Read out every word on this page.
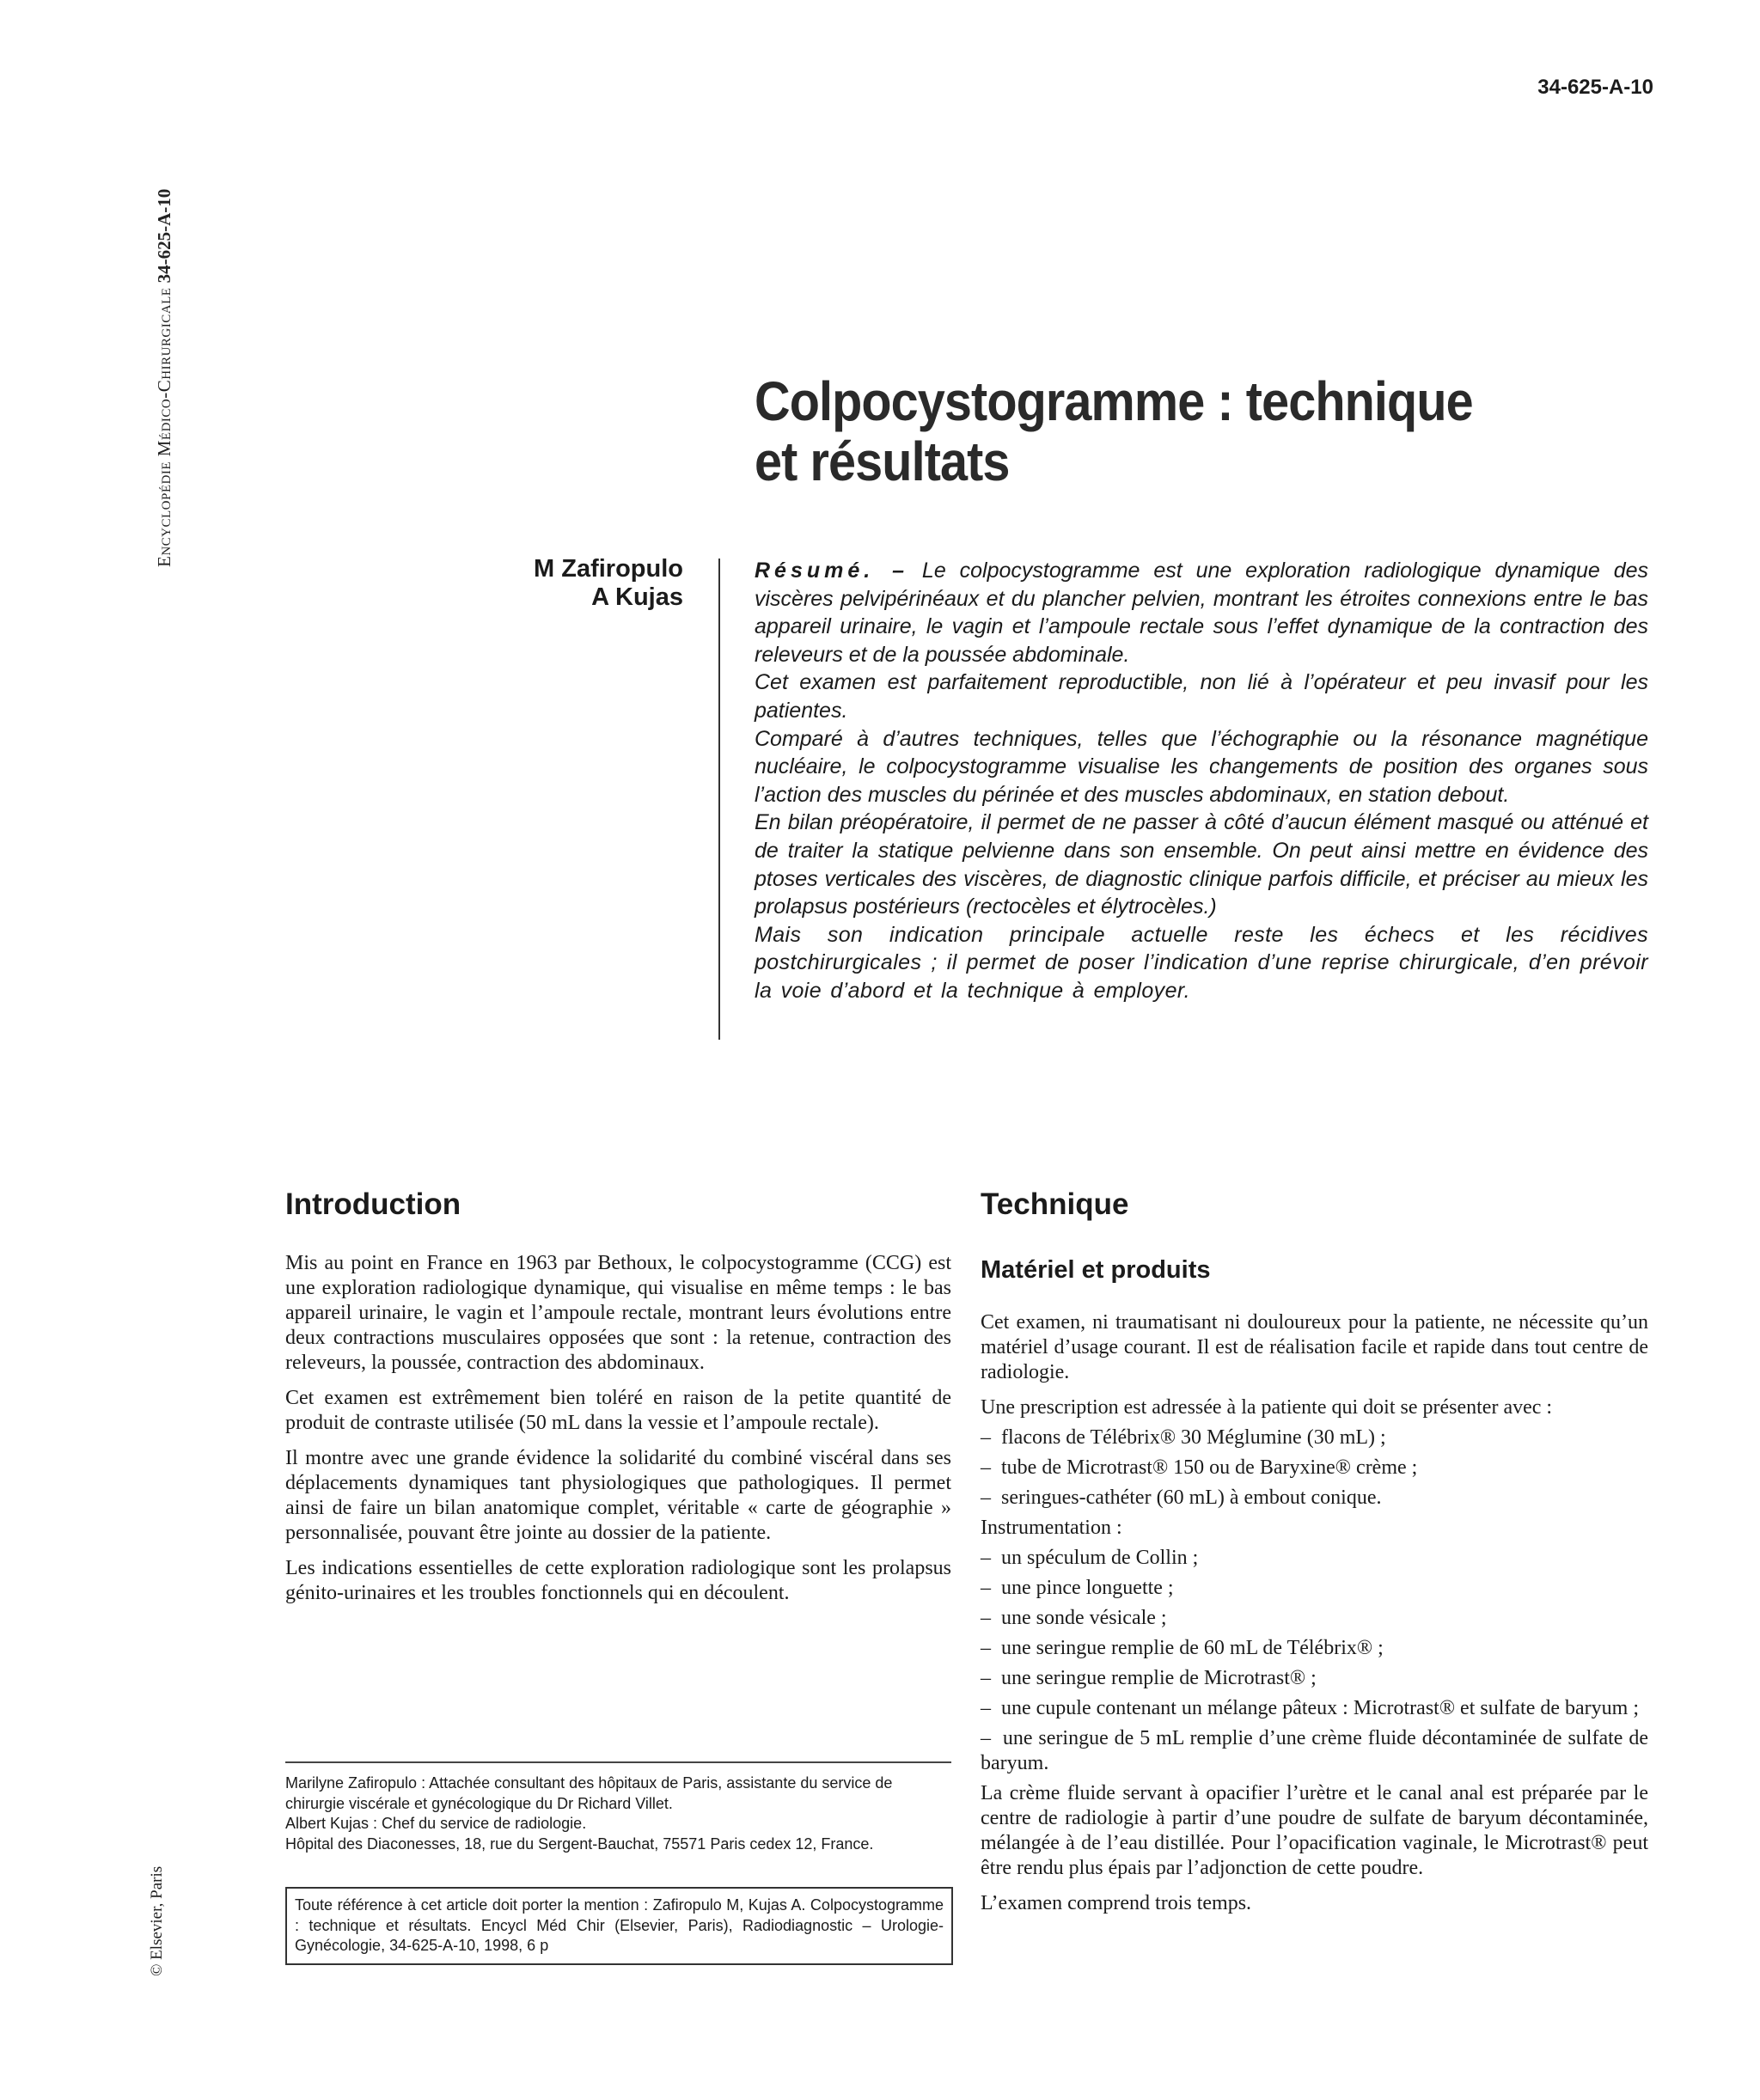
Encyclopédie Médico-Chirurgicale 34-625-A-10
© Elsevier, Paris
34-625-A-10
Colpocystogramme : technique
et résultats
M Zafiropulo
A Kujas

Résumé. – Le colpocystogramme est une exploration radiologique dynamique des viscères pelvipérinéaux et du plancher pelvien, montrant les étroites connexions entre le bas appareil urinaire, le vagin et l’ampoule rectale sous l’effet dynamique de la contraction des releveurs et de la poussée abdominale.

Cet examen est parfaitement reproductible, non lié à l’opérateur et peu invasif pour les patientes.

Comparé à d’autres techniques, telles que l’échographie ou la résonance magnétique nucléaire, le colpocystogramme visualise les changements de position des organes sous l’action des muscles du périnée et des muscles abdominaux, en station debout.

En bilan préopératoire, il permet de ne passer à côté d’aucun élément masqué ou atténué et de traiter la statique pelvienne dans son ensemble. On peut ainsi mettre en évidence des ptoses verticales des viscères, de diagnostic clinique parfois difficile, et préciser au mieux les prolapsus postérieurs (rectocèles et élytrocèles.)

Mais son indication principale actuelle reste les échecs et les récidives postchirurgicales ; il permet de poser l’indication d’une reprise chirurgicale, d’en prévoir la voie d’abord et la technique à employer.

Introduction

Mis au point en France en 1963 par Bethoux, le colpocystogramme (CCG) est une exploration radiologique dynamique, qui visualise en même temps : le bas appareil urinaire, le vagin et l’ampoule rectale, montrant leurs évolutions entre deux contractions musculaires opposées que sont : la retenue, contraction des releveurs, la poussée, contraction des abdominaux.

Cet examen est extrêmement bien toléré en raison de la petite quantité de produit de contraste utilisée (50 mL dans la vessie et l’ampoule rectale).

Il montre avec une grande évidence la solidarité du combiné viscéral dans ses déplacements dynamiques tant physiologiques que pathologiques. Il permet ainsi de faire un bilan anatomique complet, véritable « carte de géographie » personnalisée, pouvant être jointe au dossier de la patiente.

Les indications essentielles de cette exploration radiologique sont les prolapsus génito-urinaires et les troubles fonctionnels qui en découlent.

Marilyne Zafiropulo : Attachée consultant des hôpitaux de Paris, assistante du service de chirurgie viscérale et gynécologique du Dr Richard Villet.

Albert Kujas : Chef du service de radiologie.

Hôpital des Diaconesses, 18, rue du Sergent-Bauchat, 75571 Paris cedex 12, France.

Toute référence à cet article doit porter la mention : Zafiropulo M, Kujas A. Colpocystogramme : technique et résultats. Encycl Méd Chir (Elsevier, Paris), Radiodiagnostic – Urologie-Gynécologie, 34-625-A-10, 1998, 6 p
Technique
Matériel et produits

Cet examen, ni traumatisant ni douloureux pour la patiente, ne nécessite qu’un matériel d’usage courant. Il est de réalisation facile et rapide dans tout centre de radiologie.

Une prescription est adressée à la patiente qui doit se présenter avec :
–  flacons de Télébrix® 30 Méglumine (30 mL) ;
–  tube de Microtrast® 150 ou de Baryxine® crème ;
–  seringues-cathéter (60 mL) à embout conique.
Instrumentation :
–  un spéculum de Collin ;
–  une pince longuette ;
–  une sonde vésicale ;
–  une seringue remplie de 60 mL de Télébrix® ;
–  une seringue remplie de Microtrast® ;
–  une cupule contenant un mélange pâteux : Microtrast® et sulfate de baryum ;
–  une seringue de 5 mL remplie d’une crème fluide décontaminée de sulfate de baryum.

La crème fluide servant à opacifier l’urètre et le canal anal est préparée par le centre de radiologie à partir d’une poudre de sulfate de baryum décontaminée, mélangée à de l’eau distillée. Pour l’opacification vaginale, le Microtrast® peut être rendu plus épais par l’adjonction de cette poudre.

L’examen comprend trois temps.
